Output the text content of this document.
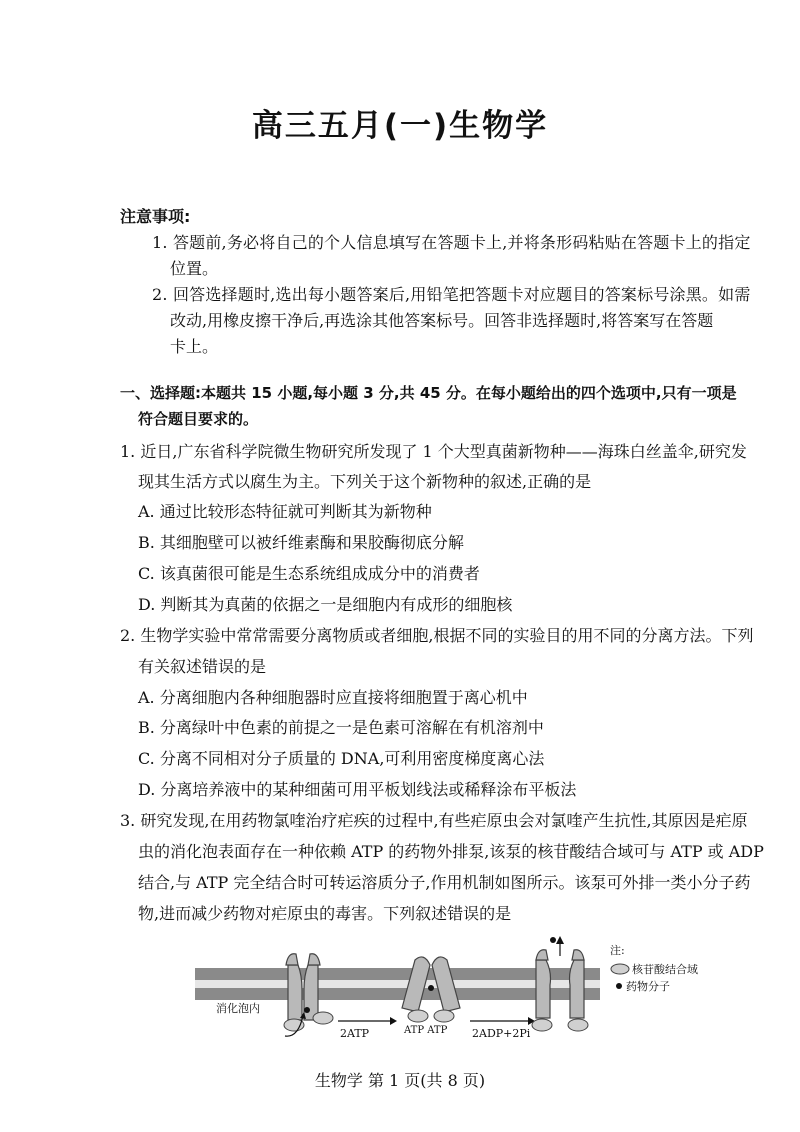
高三五月(一)生物学
注意事项:
1. 答题前,务必将自己的个人信息填写在答题卡上,并将条形码粘贴在答题卡上的指定
位置。
2. 回答选择题时,选出每小题答案后,用铅笔把答题卡对应题目的答案标号涂黑。如需
改动,用橡皮擦干净后,再选涂其他答案标号。回答非选择题时,将答案写在答题
卡上。
一、选择题:本题共 15 小题,每小题 3 分,共 45 分。在每小题给出的四个选项中,只有一项是
符合题目要求的。
1. 近日,广东省科学院微生物研究所发现了 1 个大型真菌新物种——海珠白丝盖伞,研究发
现其生活方式以腐生为主。下列关于这个新物种的叙述,正确的是
A. 通过比较形态特征就可判断其为新物种
B. 其细胞壁可以被纤维素酶和果胶酶彻底分解
C. 该真菌很可能是生态系统组成成分中的消费者
D. 判断其为真菌的依据之一是细胞内有成形的细胞核
2. 生物学实验中常常需要分离物质或者细胞,根据不同的实验目的用不同的分离方法。下列
有关叙述错误的是
A. 分离细胞内各种细胞器时应直接将细胞置于离心机中
B. 分离绿叶中色素的前提之一是色素可溶解在有机溶剂中
C. 分离不同相对分子质量的 DNA,可利用密度梯度离心法
D. 分离培养液中的某种细菌可用平板划线法或稀释涂布平板法
3. 研究发现,在用药物氯喹治疗疟疾的过程中,有些疟原虫会对氯喹产生抗性,其原因是疟原
虫的消化泡表面存在一种依赖 ATP 的药物外排泵,该泵的核苷酸结合域可与 ATP 或 ADP
结合,与 ATP 完全结合时可转运溶质分子,作用机制如图所示。该泵可外排一类小分子药
物,进而减少药物对疟原虫的毒害。下列叙述错误的是
消化泡内
2ATP	ATP ATP 2ADP+2Pi
注:
核苷酸结合域
药物分子
生物学 第 1 页(共 8 页)
